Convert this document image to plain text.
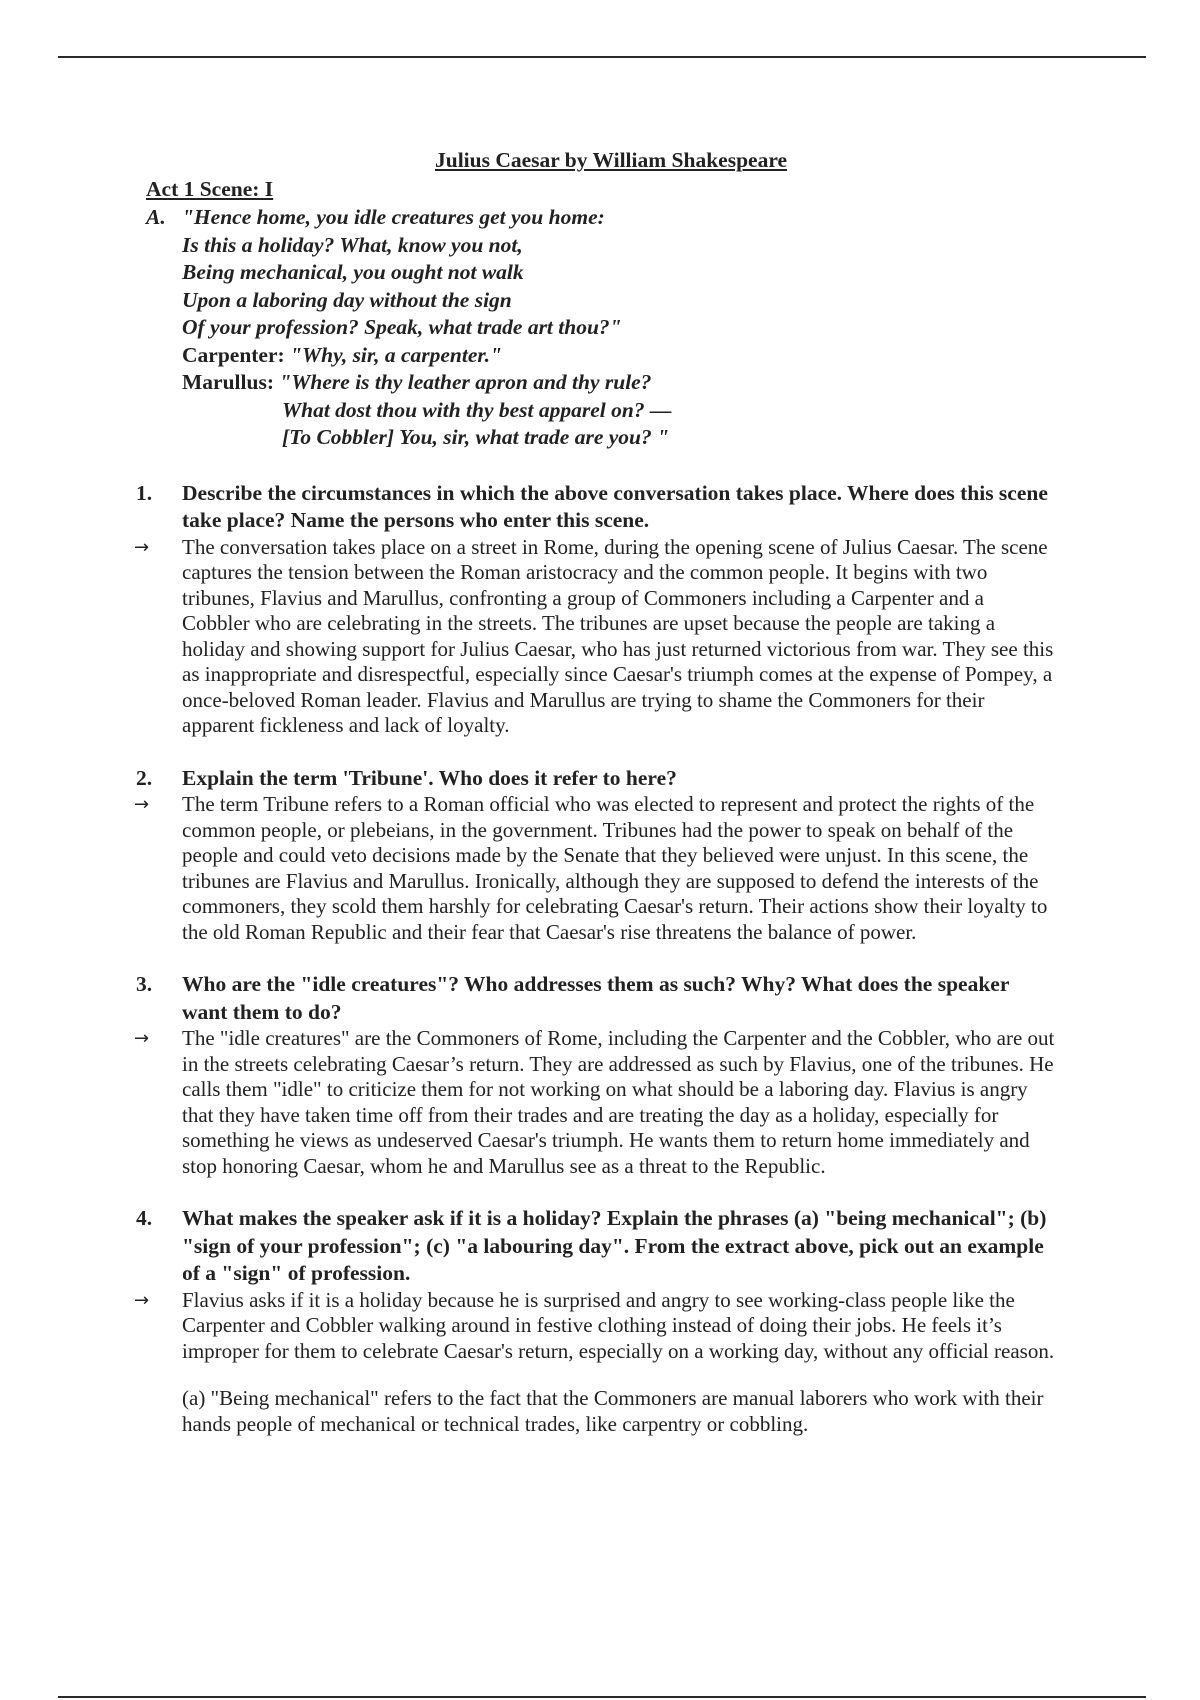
Julius Caesar by William Shakespeare
Act 1 Scene: I
A. "Hence home, you idle creatures get you home:
Is this a holiday? What, know you not,
Being mechanical, you ought not walk
Upon a laboring day without the sign
Of your profession? Speak, what trade art thou?"
Carpenter: "Why, sir, a carpenter."
Marullus: "Where is thy leather apron and thy rule?
What dost thou with thy best apparel on? —
[To Cobbler] You, sir, what trade are you? "
1. Describe the circumstances in which the above conversation takes place. Where does this scene take place? Name the persons who enter this scene.
→ The conversation takes place on a street in Rome, during the opening scene of Julius Caesar. The scene captures the tension between the Roman aristocracy and the common people. It begins with two tribunes, Flavius and Marullus, confronting a group of Commoners including a Carpenter and a Cobbler who are celebrating in the streets. The tribunes are upset because the people are taking a holiday and showing support for Julius Caesar, who has just returned victorious from war. They see this as inappropriate and disrespectful, especially since Caesar's triumph comes at the expense of Pompey, a once-beloved Roman leader. Flavius and Marullus are trying to shame the Commoners for their apparent fickleness and lack of loyalty.
2. Explain the term 'Tribune'. Who does it refer to here?
→ The term Tribune refers to a Roman official who was elected to represent and protect the rights of the common people, or plebeians, in the government. Tribunes had the power to speak on behalf of the people and could veto decisions made by the Senate that they believed were unjust. In this scene, the tribunes are Flavius and Marullus. Ironically, although they are supposed to defend the interests of the commoners, they scold them harshly for celebrating Caesar's return. Their actions show their loyalty to the old Roman Republic and their fear that Caesar's rise threatens the balance of power.
3. Who are the "idle creatures"? Who addresses them as such? Why? What does the speaker want them to do?
→ The "idle creatures" are the Commoners of Rome, including the Carpenter and the Cobbler, who are out in the streets celebrating Caesar’s return. They are addressed as such by Flavius, one of the tribunes. He calls them "idle" to criticize them for not working on what should be a laboring day. Flavius is angry that they have taken time off from their trades and are treating the day as a holiday, especially for something he views as undeserved Caesar's triumph. He wants them to return home immediately and stop honoring Caesar, whom he and Marullus see as a threat to the Republic.
4. What makes the speaker ask if it is a holiday? Explain the phrases (a) "being mechanical"; (b) "sign of your profession"; (c) "a labouring day". From the extract above, pick out an example of a "sign" of profession.
→ Flavius asks if it is a holiday because he is surprised and angry to see working-class people like the Carpenter and Cobbler walking around in festive clothing instead of doing their jobs. He feels it’s improper for them to celebrate Caesar's return, especially on a working day, without any official reason.
(a) "Being mechanical" refers to the fact that the Commoners are manual laborers who work with their hands people of mechanical or technical trades, like carpentry or cobbling.
